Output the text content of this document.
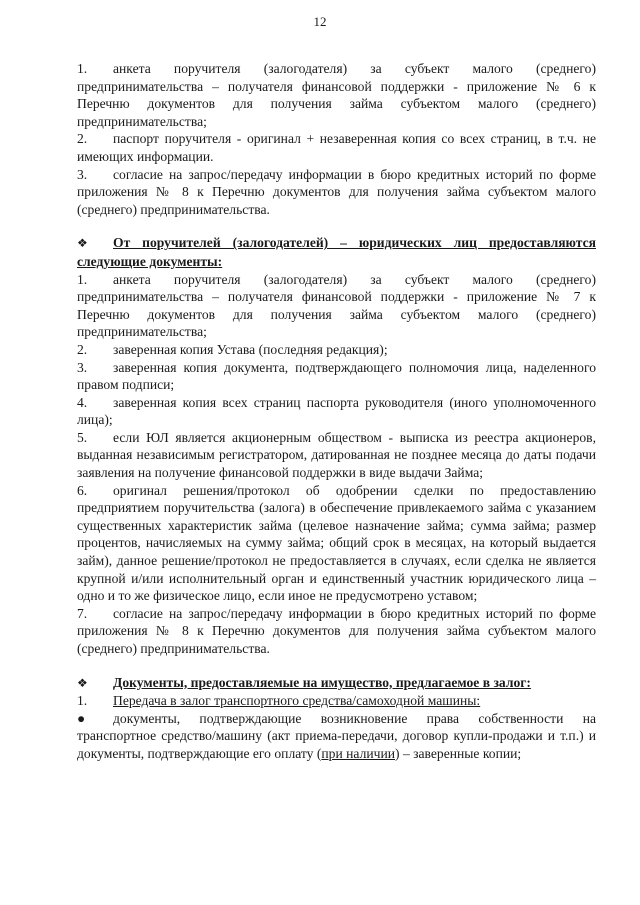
12

1. анкета поручителя (залогодателя) за субъект малого (среднего) предпринимательства – получателя финансовой поддержки - приложение № 6 к Перечню документов для получения займа субъектом малого (среднего) предпринимательства;

2. паспорт поручителя - оригинал + незаверенная копия со всех страниц, в т.ч. не имеющих информации.

3. согласие на запрос/передачу информации в бюро кредитных историй по форме приложения № 8 к Перечню документов для получения займа субъектом малого (среднего) предпринимательства.

❖ От поручителей (залогодателей) – юридических лиц предоставляются следующие документы:

1. анкета поручителя (залогодателя) за субъект малого (среднего) предпринимательства – получателя финансовой поддержки - приложение № 7 к Перечню документов для получения займа субъектом малого (среднего) предпринимательства;

2. заверенная копия Устава (последняя редакция);

3. заверенная копия документа, подтверждающего полномочия лица, наделенного правом подписи;

4. заверенная копия всех страниц паспорта руководителя (иного уполномоченного лица);

5. если ЮЛ является акционерным обществом - выписка из реестра акционеров, выданная независимым регистратором, датированная не позднее месяца до даты подачи заявления на получение финансовой поддержки в виде выдачи Займа;

6. оригинал решения/протокол об одобрении сделки по предоставлению предприятием поручительства (залога) в обеспечение привлекаемого займа с указанием существенных характеристик займа (целевое назначение займа; сумма займа; размер процентов, начисляемых на сумму займа; общий срок в месяцах, на который выдается займ), данное решение/протокол не предоставляется в случаях, если сделка не является крупной и/или исполнительный орган и единственный участник юридического лица – одно и то же физическое лицо, если иное не предусмотрено уставом;

7. согласие на запрос/передачу информации в бюро кредитных историй по форме приложения № 8 к Перечню документов для получения займа субъектом малого (среднего) предпринимательства.

❖ Документы, предоставляемые на имущество, предлагаемое в залог:

1. Передача в залог транспортного средства/самоходной машины:

● документы, подтверждающие возникновение права собственности на транспортное средство/машину (акт приема-передачи, договор купли-продажи и т.п.) и документы, подтверждающие его оплату (при наличии) – заверенные копии;
